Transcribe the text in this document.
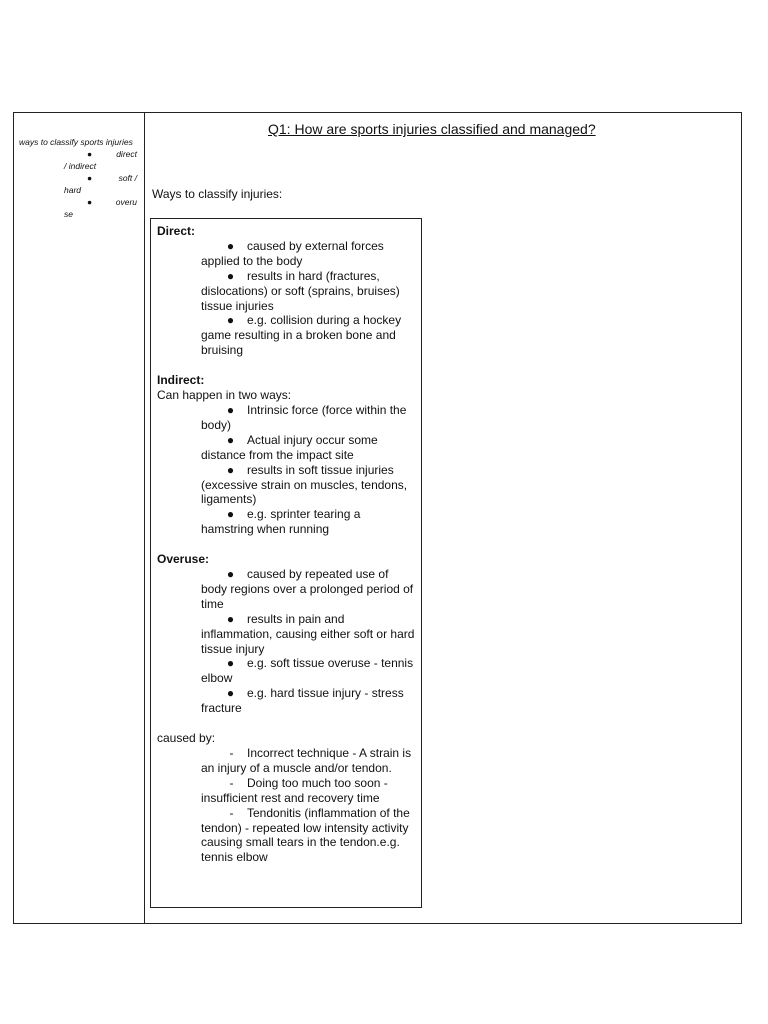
ways to classify sports injuries
●	direct
/ indirect
●	soft /
hard
●	overu
se
Q1: How are sports injuries classified and managed?
Ways to classify injuries:

Direct:

● caused by external forces applied to the body
● results in hard (fractures, dislocations) or soft (sprains, bruises) tissue injuries
● e.g. collision during a hockey game resulting in a broken bone and bruising

Indirect:

Can happen in two ways:

● Intrinsic force (force within the body)
● Actual injury occur some distance from the impact site
● results in soft tissue injuries (excessive strain on muscles, tendons, ligaments)
● e.g. sprinter tearing a hamstring when running

Overuse:

● caused by repeated use of body regions over a prolonged period of time
● results in pain and inflammation, causing either soft or hard tissue injury
● e.g. soft tissue overuse - tennis elbow
● e.g. hard tissue injury - stress fracture

caused by:

- Incorrect technique - A strain is an injury of a muscle and/or tendon.
- Doing too much too soon - insufficient rest and recovery time
- Tendonitis (inflammation of the tendon) - repeated low intensity activity causing small tears in the tendon.e.g. tennis elbow
